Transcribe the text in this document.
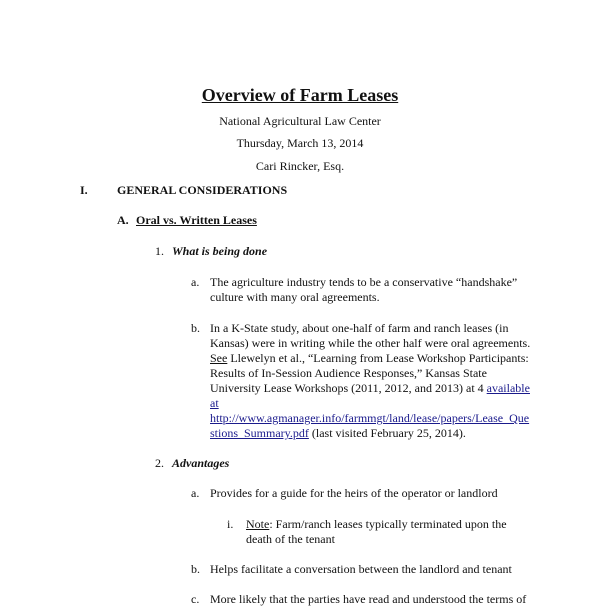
Overview of Farm Leases
National Agricultural Law Center
Thursday, March 13, 2014
Cari Rincker, Esq.
I. GENERAL CONSIDERATIONS
A. Oral vs. Written Leases
1. What is being done
a. The agriculture industry tends to be a conservative “handshake”
culture with many oral agreements.
b. In a K-State study, about one-half of farm and ranch leases (in
Kansas) were in writing while the other half were oral agreements.
See Llewelyn et al., “Learning from Lease Workshop Participants:
Results of In-Session Audience Responses,” Kansas State
University Lease Workshops (2011, 2012, and 2013) at 4 available
at
http://www.agmanager.info/farmmgt/land/lease/papers/Lease_Que
stions_Summary.pdf (last visited February 25, 2014).
2. Advantages
a. Provides for a guide for the heirs of the operator or landlord
i. Note: Farm/ranch leases typically terminated upon the
death of the tenant
b. Helps facilitate a conversation between the landlord and tenant
c. More likely that the parties have read and understood the terms of
